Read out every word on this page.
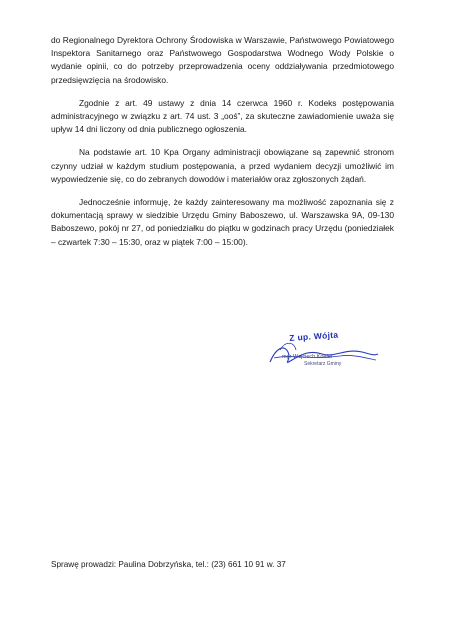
do Regionalnego Dyrektora Ochrony Środowiska w Warszawie, Państwowego Powiatowego Inspektora Sanitarnego oraz Państwowego Gospodarstwa Wodnego Wody Polskie o wydanie opinii, co do potrzeby przeprowadzenia oceny oddziaływania przedmiotowego przedsięwzięcia na środowisko.

Zgodnie z art. 49 ustawy z dnia 14 czerwca 1960 r. Kodeks postępowania administracyjnego w związku z art. 74 ust. 3 „ooś”, za skuteczne zawiadomienie uważa się upływ 14 dni liczony od dnia publicznego ogłoszenia.

Na podstawie art. 10 Kpa Organy administracji obowiązane są zapewnić stronom czynny udział w każdym studium postępowania, a przed wydaniem decyzji umożliwić im wypowiedzenie się, co do zebranych dowodów i materiałów oraz zgłoszonych żądań.

Jednocześnie informuję, że każdy zainteresowany ma możliwość zapoznania się z dokumentacją sprawy w siedzibie Urzędu Gminy Baboszewo, ul. Warszawska 9A, 09-130 Baboszewo, pokój nr 27, od poniedziałku do piątku w godzinach pracy Urzędu (poniedziałek – czwartek 7:30 – 15:30, oraz w piątek 7:00 – 15:00).

Z up. Wójta
mgr Wojciech Kołder
Sekretarz Gminy
Sprawę prowadzi: Paulina Dobrzyńska, tel.: (23) 661 10 91 w. 37
